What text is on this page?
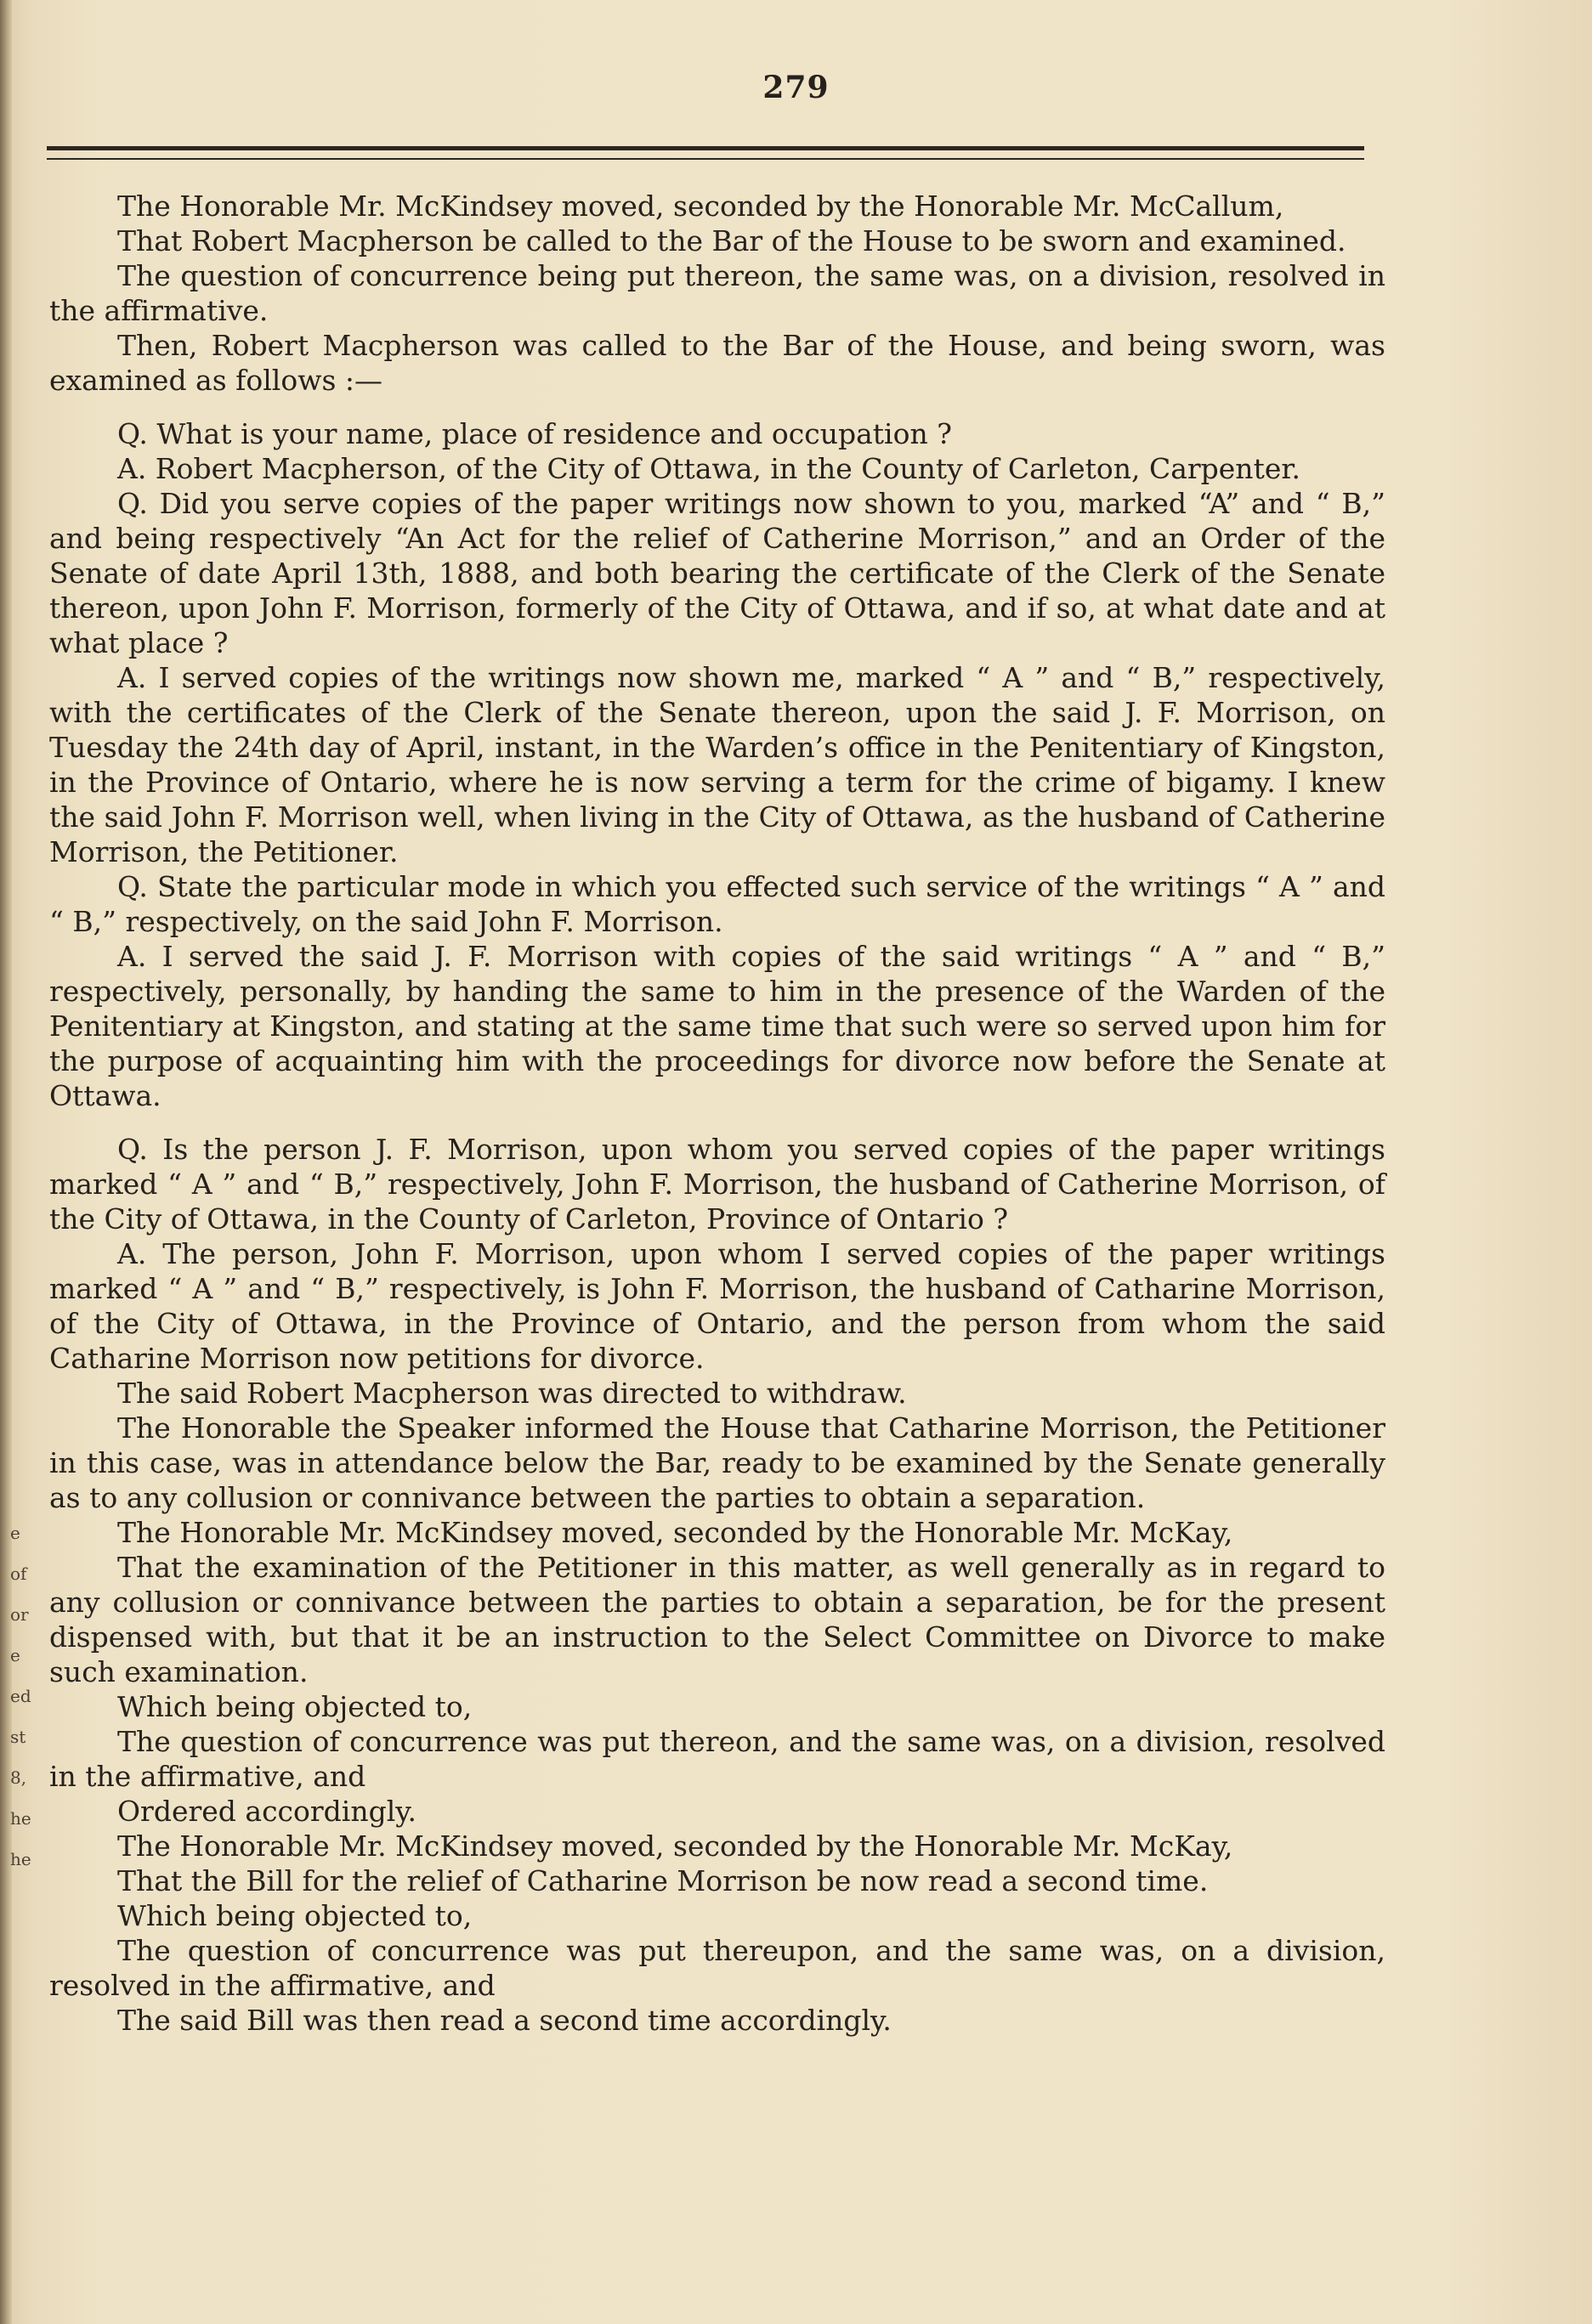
279
e
of
or
e
ed
st
8,
he
he

The Honorable Mr. McKindsey moved, seconded by the Honorable Mr. McCallum,

That Robert Macpherson be called to the Bar of the House to be sworn and examined.

The question of concurrence being put thereon, the same was, on a division, resolved in the affirmative.

Then, Robert Macpherson was called to the Bar of the House, and being sworn, was examined as follows :—

Q. What is your name, place of residence and occupation ?

A. Robert Macpherson, of the City of Ottawa, in the County of Carleton, Carpenter.

Q. Did you serve copies of the paper writings now shown to you, marked “A” and “ B,” and being respectively “An Act for the relief of Catherine Morrison,” and an Order of the Senate of date April 13th, 1888, and both bearing the certificate of the Clerk of the Senate thereon, upon John F. Morrison, formerly of the City of Ottawa, and if so, at what date and at what place ?

A. I served copies of the writings now shown me, marked “ A ” and “ B,” respectively, with the certificates of the Clerk of the Senate thereon, upon the said J. F. Morrison, on Tuesday the 24th day of April, instant, in the Warden’s office in the Penitentiary of Kingston, in the Province of Ontario, where he is now serving a term for the crime of bigamy. I knew the said John F. Morrison well, when living in the City of Ottawa, as the husband of Catherine Morrison, the Petitioner.

Q. State the particular mode in which you effected such service of the writings “ A ” and “ B,” respectively, on the said John F. Morrison.

A. I served the said J. F. Morrison with copies of the said writings “ A ” and “ B,” respectively, personally, by handing the same to him in the presence of the Warden of the Penitentiary at Kingston, and stating at the same time that such were so served upon him for the purpose of acquainting him with the proceedings for divorce now before the Senate at Ottawa.

Q. Is the person J. F. Morrison, upon whom you served copies of the paper writings marked “ A ” and “ B,” respectively, John F. Morrison, the husband of Catherine Morrison, of the City of Ottawa, in the County of Carleton, Province of Ontario ?

A. The person, John F. Morrison, upon whom I served copies of the paper writings marked “ A ” and “ B,” respectively, is John F. Morrison, the husband of Catharine Morrison, of the City of Ottawa, in the Province of Ontario, and the person from whom the said Catharine Morrison now petitions for divorce.

The said Robert Macpherson was directed to withdraw.

The Honorable the Speaker informed the House that Catharine Morrison, the Petitioner in this case, was in attendance below the Bar, ready to be examined by the Senate generally as to any collusion or connivance between the parties to obtain a separation.

The Honorable Mr. McKindsey moved, seconded by the Honorable Mr. McKay,

That the examination of the Petitioner in this matter, as well generally as in regard to any collusion or connivance between the parties to obtain a separation, be for the present dispensed with, but that it be an instruction to the Select Committee on Divorce to make such examination.

Which being objected to,

The question of concurrence was put thereon, and the same was, on a division, resolved in the affirmative, and

Ordered accordingly.

The Honorable Mr. McKindsey moved, seconded by the Honorable Mr. McKay,

That the Bill for the relief of Catharine Morrison be now read a second time.

Which being objected to,

The question of concurrence was put thereupon, and the same was, on a division, resolved in the affirmative, and

The said Bill was then read a second time accordingly.
